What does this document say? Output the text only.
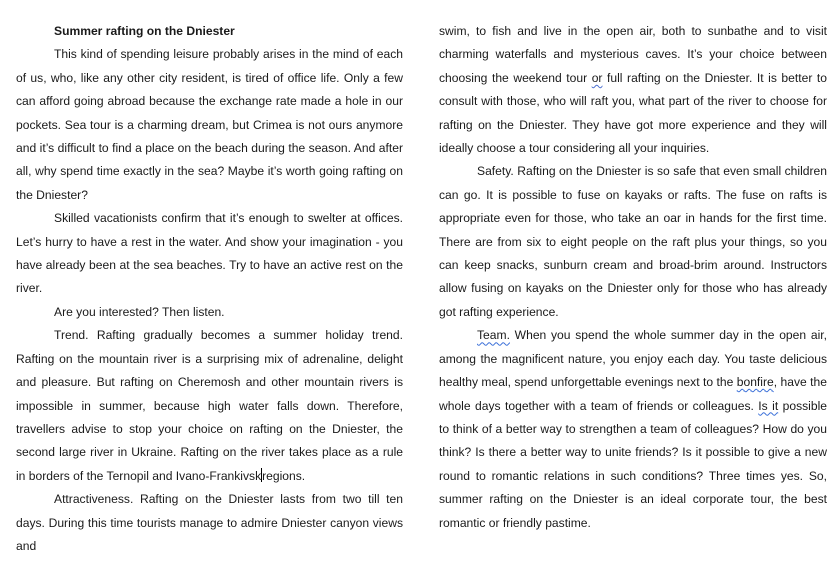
Summer rafting on the Dniester

This kind of spending leisure probably arises in the mind of each of us, who, like any other city resident, is tired of office life. Only a few can afford going abroad because the exchange rate made a hole in our pockets. Sea tour is a charming dream, but Crimea is not ours anymore and it’s difficult to find a place on the beach during the season. And after all, why spend time exactly in the sea? Maybe it’s worth going rafting on the Dniester?

Skilled vacationists confirm that it’s enough to swelter at offices. Let’s hurry to have a rest in the water. And show your imagination - you have already been at the sea beaches. Try to have an active rest on the river.

Are you interested? Then listen.

Trend. Rafting gradually becomes a summer holiday trend. Rafting on the mountain river is a surprising mix of adrenaline, delight and pleasure. But rafting on Cheremosh and other mountain rivers is impossible in summer, because high water falls down. Therefore, travellers advise to stop your choice on rafting on the Dniester, the second large river in Ukraine. Rafting on the river takes place as a rule in borders of the Ternopil and Ivano-Frankivskregions.

Attractiveness. Rafting on the Dniester lasts from two till ten days. During this time tourists manage to admire Dniester canyon views and

swim, to fish and live in the open air, both to sunbathe and to visit charming waterfalls and mysterious caves. It’s your choice between choosing the weekend tour or full rafting on the Dniester. It is better to consult with those, who will raft you, what part of the river to choose for rafting on the Dniester. They have got more experience and they will ideally choose a tour considering all your inquiries.

Safety. Rafting on the Dniester is so safe that even small children can go. It is possible to fuse on kayaks or rafts. The fuse on rafts is appropriate even for those, who take an oar in hands for the first time. There are from six to eight people on the raft plus your things, so you can keep snacks, sunburn cream and broad-brim around. Instructors allow fusing on kayaks on the Dniester only for those who has already got rafting experience.

Team. When you spend the whole summer day in the open air, among the magnificent nature, you enjoy each day. You taste delicious healthy meal, spend unforgettable evenings next to the bonfire, have the whole days together with a team of friends or colleagues. Is it possible to think of a better way to strengthen a team of colleagues? How do you think? Is there a better way to unite friends? Is it possible to give a new round to romantic relations in such conditions? Three times yes. So, summer rafting on the Dniester is an ideal corporate tour, the best romantic or friendly pastime.
